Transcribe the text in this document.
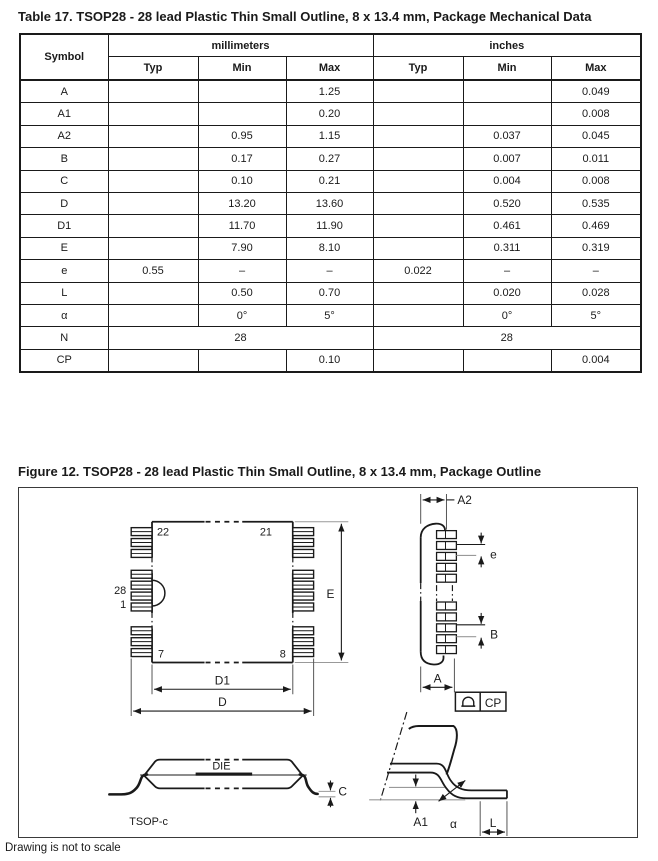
Table 17. TSOP28 - 28 lead Plastic Thin Small Outline, 8 x 13.4 mm, Package Mechanical Data
Symbol	millimeters			inches		
	Typ	Min	Max	Typ	Min	Max
A			1.25			0.049
A1			0.20			0.008
A2		0.95	1.15		0.037	0.045
B		0.17	0.27		0.007	0.011
C		0.10	0.21		0.004	0.008
D		13.20	13.60		0.520	0.535
D1		11.70	11.90		0.461	0.469
E		7.90	8.10		0.311	0.319
e	0.55	–	–	0.022	–	–
L		0.50	0.70		0.020	0.028
α		0°	5°		0°	5°
N	28			28		
CP			0.10			0.004
Figure 12. TSOP28 - 28 lead Plastic Thin Small Outline, 8 x 13.4 mm, Package Outline
22	21
28
1
7	8
E
D1
D
A2
e
B
A
CP
DIE
C
TSOP-c	A1 α	L
Drawing is not to scale
